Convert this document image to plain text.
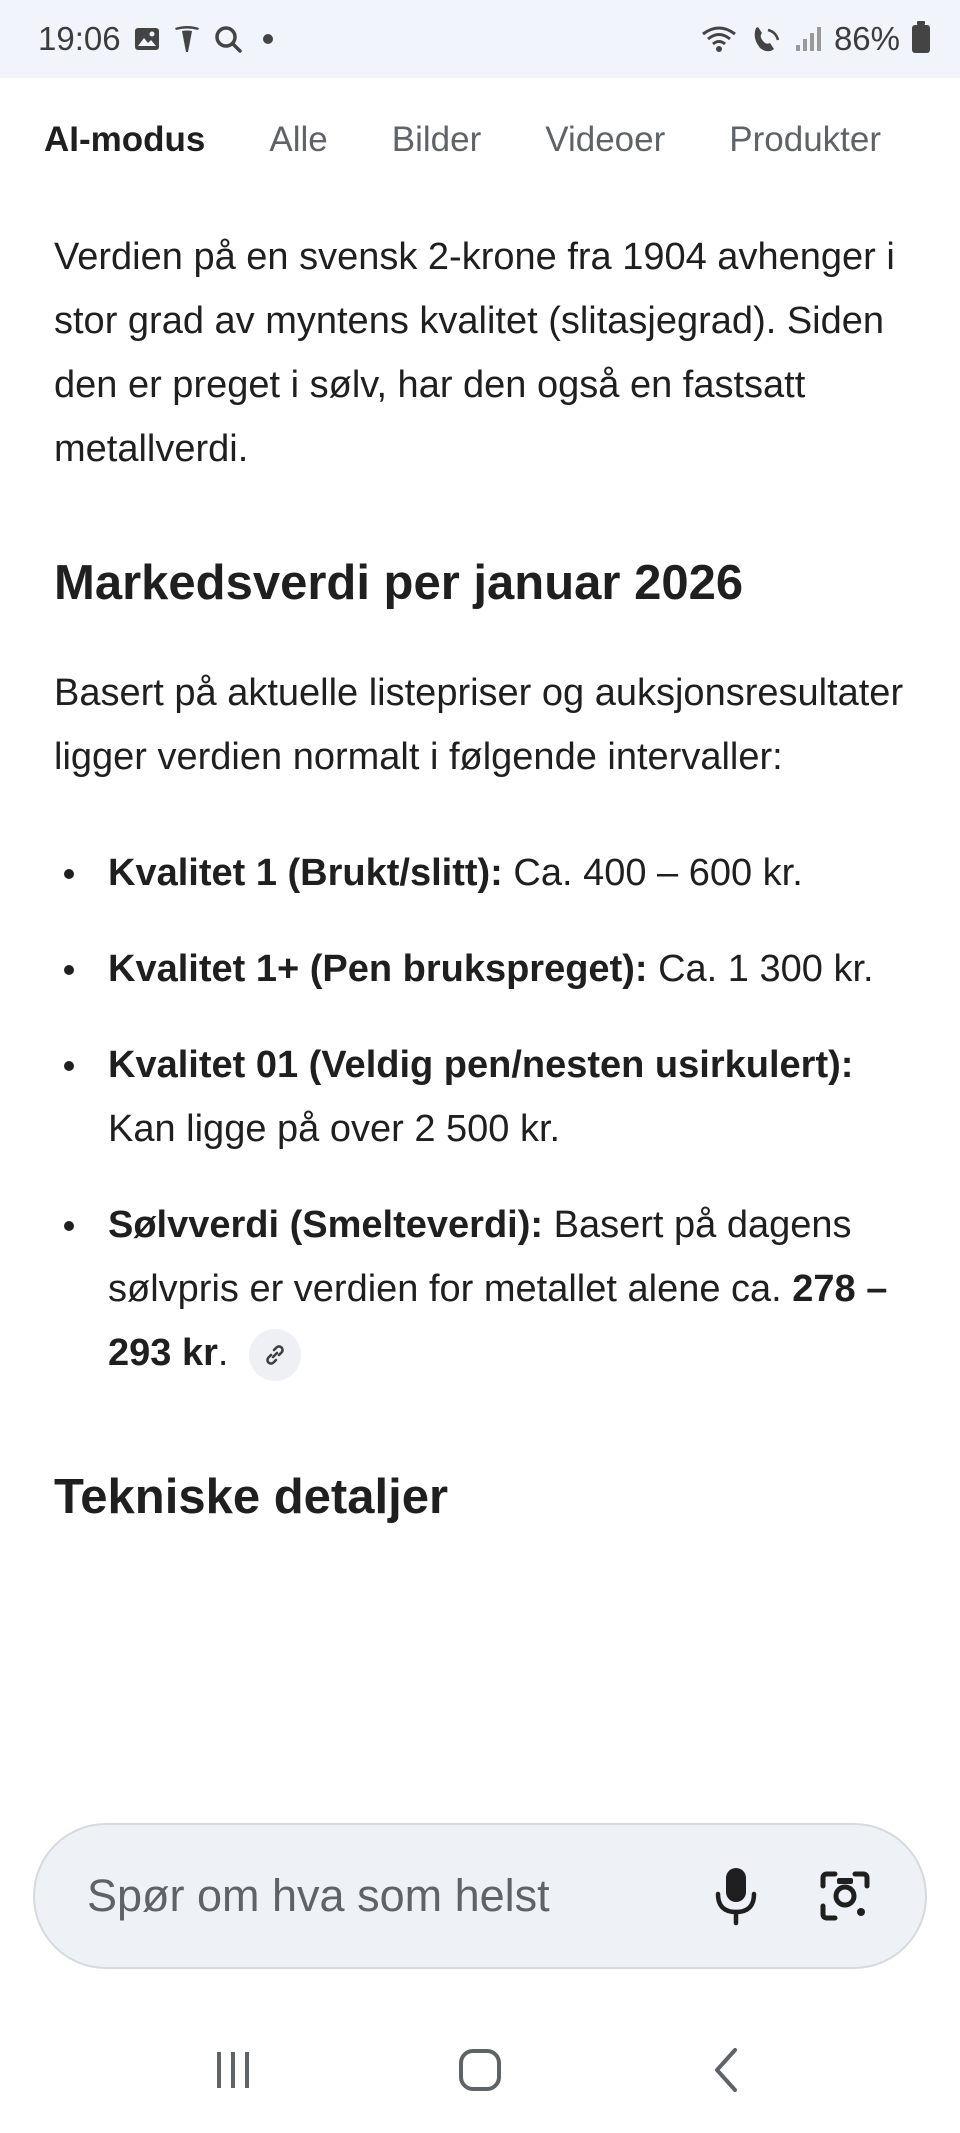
19:06	86%
AI-modus Alle Bilder Videoer Produkter

Verdien på en svensk 2-krone fra 1904 avhenger i stor grad av myntens kvalitet (slitasjegrad). Siden den er preget i sølv, har den også en fastsatt metallverdi.

Markedsverdi per januar 2026

Basert på aktuelle listepriser og auksjonsresultater ligger verdien normalt i følgende intervaller:

Kvalitet 1 (Brukt/slitt): Ca. 400 – 600 kr.
Kvalitet 1+ (Pen brukspreget): Ca. 1 300 kr.
Kvalitet 01 (Veldig pen/nesten usirkulert): Kan ligge på over 2 500 kr.
Sølvverdi (Smelteverdi): Basert på dagens sølvpris er verdien for metallet alene ca. 278 – 293 kr.
Tekniske detaljer
Spør om hva som helst
